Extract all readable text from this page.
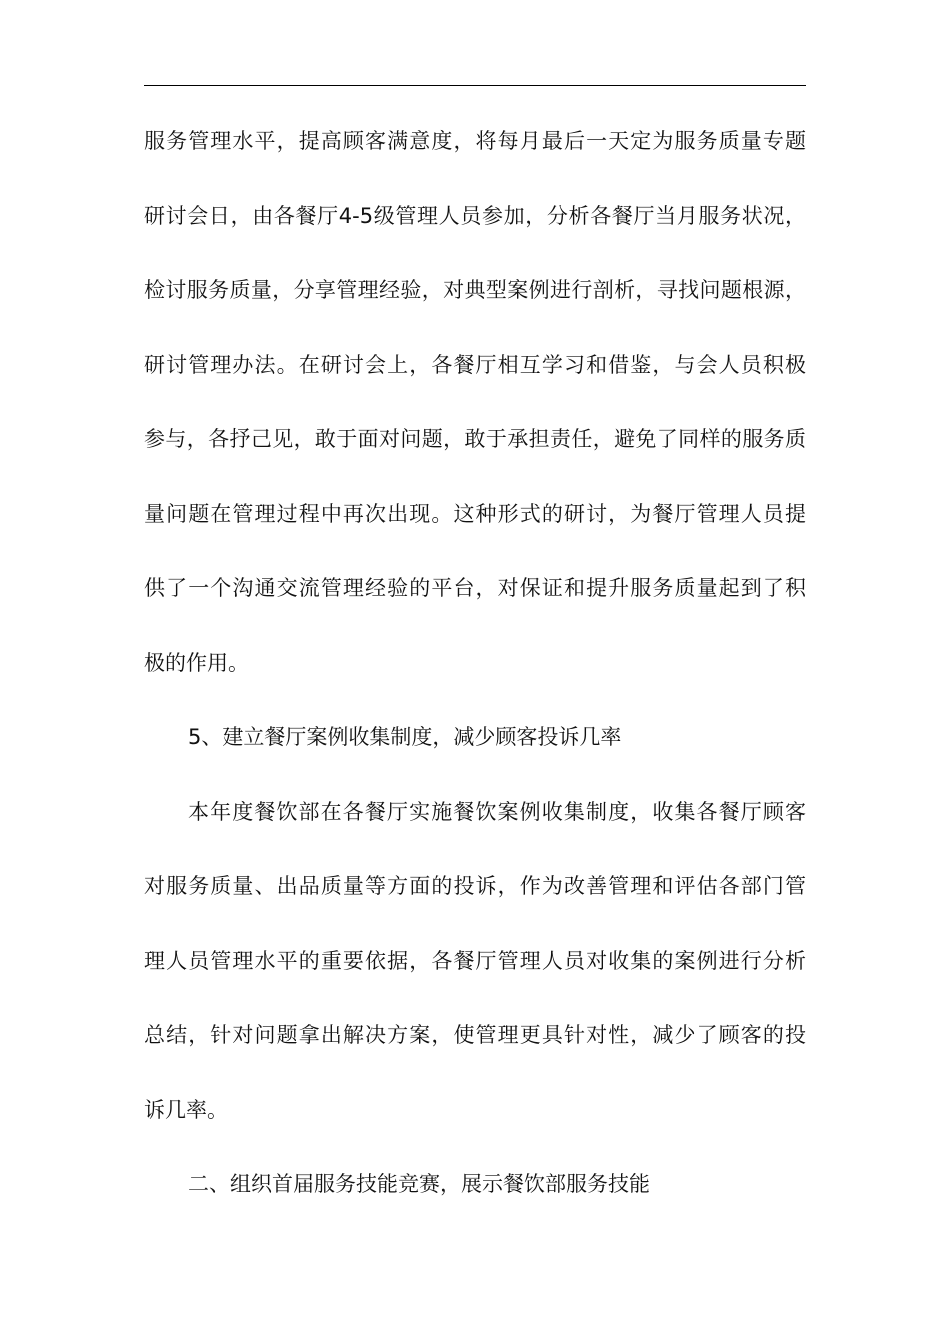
服务管理水平，提高顾客满意度，将每月最后一天定为服务质量专题
研讨会日，由各餐厅4-5级管理人员参加，分析各餐厅当月服务状况，
检讨服务质量，分享管理经验，对典型案例进行剖析，寻找问题根源，
研讨管理办法。在研讨会上，各餐厅相互学习和借鉴，与会人员积极
参与，各抒己见，敢于面对问题，敢于承担责任，避免了同样的服务质
量问题在管理过程中再次出现。这种形式的研讨，为餐厅管理人员提
供了一个沟通交流管理经验的平台，对保证和提升服务质量起到了积
极的作用。
5、建立餐厅案例收集制度，减少顾客投诉几率
本年度餐饮部在各餐厅实施餐饮案例收集制度，收集各餐厅顾客
对服务质量、出品质量等方面的投诉，作为改善管理和评估各部门管
理人员管理水平的重要依据，各餐厅管理人员对收集的案例进行分析
总结，针对问题拿出解决方案，使管理更具针对性，减少了顾客的投
诉几率。
二、组织首届服务技能竞赛，展示餐饮部服务技能
